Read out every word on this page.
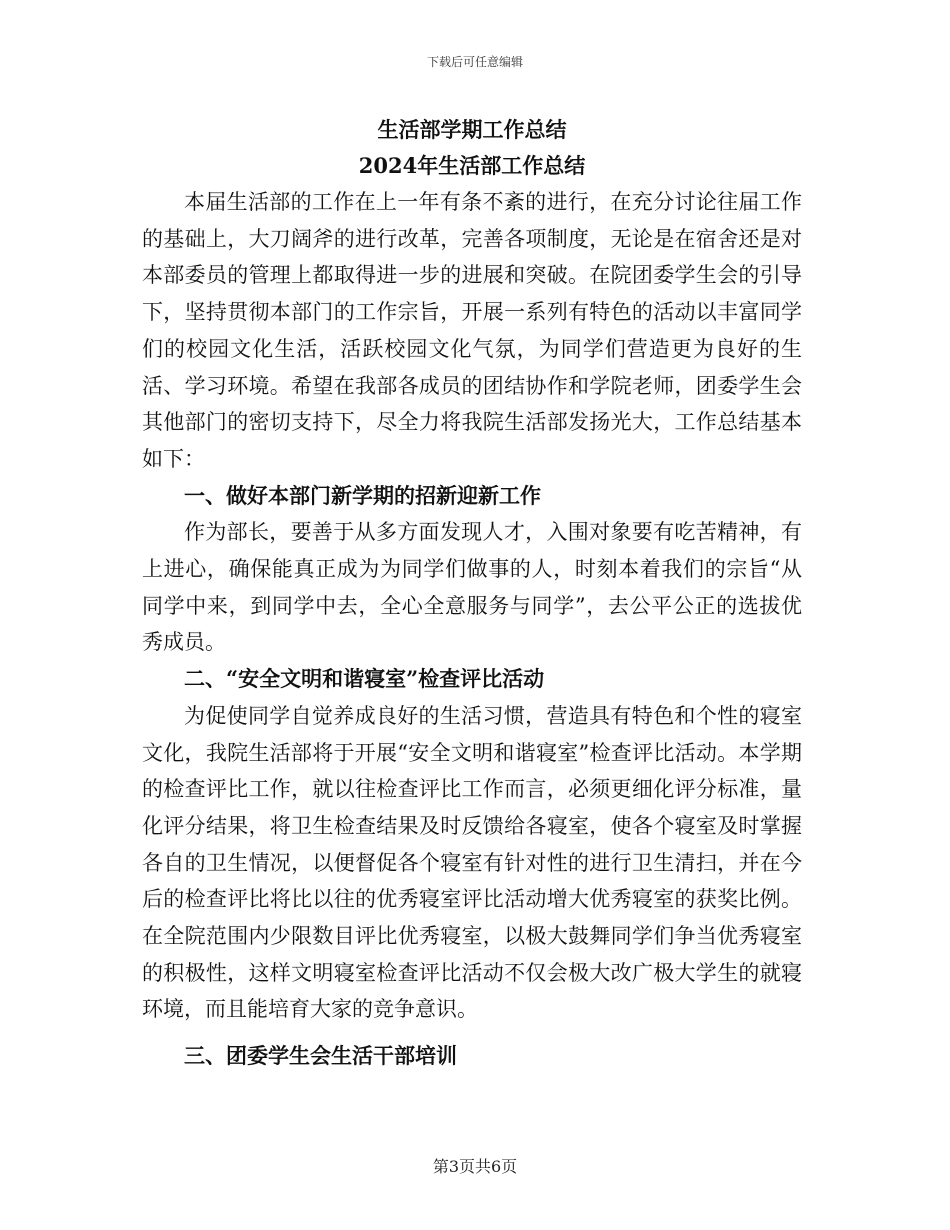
下载后可任意编辑
生活部学期工作总结
2024年生活部工作总结

本届生活部的工作在上一年有条不紊的进行，在充分讨论往届工作的基础上，大刀阔斧的进行改革，完善各项制度，无论是在宿舍还是对本部委员的管理上都取得进一步的进展和突破。在院团委学生会的引导下，坚持贯彻本部门的工作宗旨，开展一系列有特色的活动以丰富同学们的校园文化生活，活跃校园文化气氛，为同学们营造更为良好的生活、学习环境。希望在我部各成员的团结协作和学院老师，团委学生会其他部门的密切支持下，尽全力将我院生活部发扬光大，工作总结基本如下：

一、做好本部门新学期的招新迎新工作

作为部长，要善于从多方面发现人才，入围对象要有吃苦精神，有上进心，确保能真正成为为同学们做事的人，时刻本着我们的宗旨“从同学中来，到同学中去，全心全意服务与同学”，去公平公正的选拔优秀成员。

二、“安全文明和谐寝室”检查评比活动

为促使同学自觉养成良好的生活习惯，营造具有特色和个性的寝室文化，我院生活部将于开展“安全文明和谐寝室”检查评比活动。本学期的检查评比工作，就以往检查评比工作而言，必须更细化评分标准，量化评分结果，将卫生检查结果及时反馈给各寝室，使各个寝室及时掌握各自的卫生情况，以便督促各个寝室有针对性的进行卫生清扫，并在今后的检查评比将比以往的优秀寝室评比活动增大优秀寝室的获奖比例。在全院范围内少限数目评比优秀寝室，以极大鼓舞同学们争当优秀寝室的积极性，这样文明寝室检查评比活动不仅会极大改广极大学生的就寝环境，而且能培育大家的竞争意识。

三、团委学生会生活干部培训

第3页共6页
